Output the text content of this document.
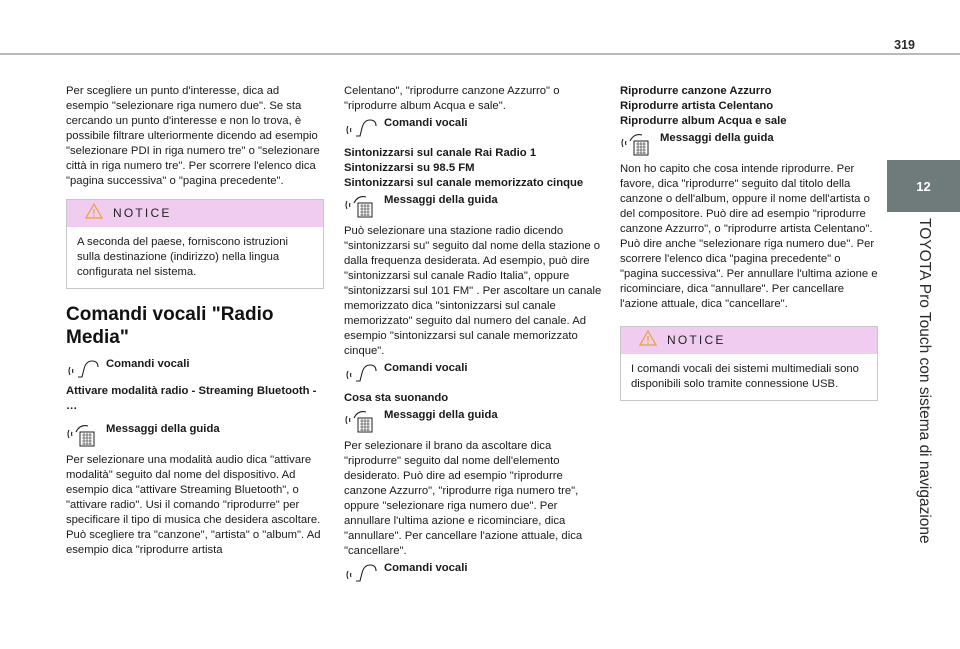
319
12
TOYOTA Pro Touch con sistema di navigazione

Per scegliere un punto d'interesse, dica ad esempio "selezionare riga numero due". Se sta cercando un punto d'interesse e non lo trova, è possibile filtrare ulteriormente dicendo ad esempio "selezionare PDI in riga numero tre" o "selezionare città in riga numero tre". Per scorrere l'elenco dica "pagina successiva" o "pagina precedente".

NOTICE
A seconda del paese, forniscono istruzioni sulla destinazione (indirizzo) nella lingua configurata nel sistema.
Comandi vocali "Radio Media"
Comandi vocali

Attivare modalità radio - Streaming Bluetooth - …

Messaggi della guida

Per selezionare una modalità audio dica "attivare modalità" seguito dal nome del dispositivo. Ad esempio dica "attivare Streaming Bluetooth", o "attivare radio". Usi il comando "riprodurre" per specificare il tipo di musica che desidera ascoltare. Può scegliere tra "canzone", "artista" o "album". Ad esempio dica "riprodurre artista

Celentano", "riprodurre canzone Azzurro" o "riprodurre album Acqua e sale".

Comandi vocali

Sintonizzarsi sul canale Rai Radio 1

Sintonizzarsi su 98.5 FM

Sintonizzarsi sul canale memorizzato cinque

Messaggi della guida

Può selezionare una stazione radio dicendo "sintonizzarsi su" seguito dal nome della stazione o dalla frequenza desiderata. Ad esempio, può dire "sintonizzarsi sul canale Radio Italia", oppure "sintonizzarsi sul 101 FM" . Per ascoltare un canale memorizzato dica "sintonizzarsi sul canale memorizzato" seguito dal numero del canale. Ad esempio "sintonizzarsi sul canale memorizzato cinque".

Comandi vocali

Cosa sta suonando

Messaggi della guida

Per selezionare il brano da ascoltare dica "riprodurre" seguito dal nome dell'elemento desiderato. Può dire ad esempio "riprodurre canzone Azzurro", "riprodurre riga numero tre", oppure "selezionare riga numero due". Per annullare l'ultima azione e ricominciare, dica "annullare". Per cancellare l'azione attuale, dica "cancellare".

Comandi vocali

Riprodurre canzone Azzurro

Riprodurre artista Celentano

Riprodurre album Acqua e sale

Messaggi della guida

Non ho capito che cosa intende riprodurre. Per favore, dica "riprodurre" seguito dal titolo della canzone o dell'album, oppure il nome dell'artista o del compositore. Può dire ad esempio "riprodurre canzone Azzurro", o "riprodurre artista Celentano". Può dire anche "selezionare riga numero due". Per scorrere l'elenco dica "pagina precedente" o "pagina successiva". Per annullare l'ultima azione e ricominciare, dica "annullare". Per cancellare l'azione attuale, dica "cancellare".

NOTICE
I comandi vocali dei sistemi multimediali sono disponibili solo tramite connessione USB.
